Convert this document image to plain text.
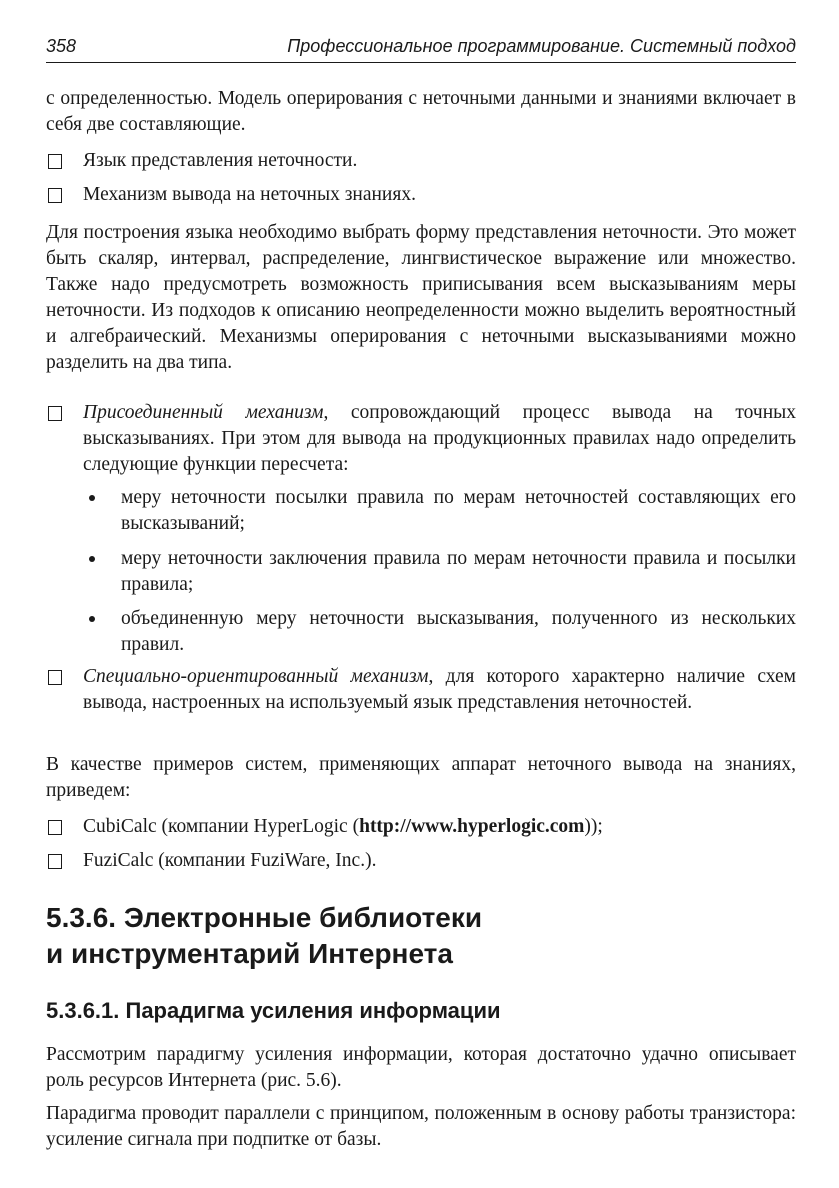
358	Профессиональное программирование. Системный подход
с определенностью. Модель оперирования с неточными данными и знаниями включает в себя две составляющие.
Язык представления неточности.
Механизм вывода на неточных знаниях.
Для построения языка необходимо выбрать форму представления неточности. Это может быть скаляр, интервал, распределение, лингвистическое выражение или множество. Также надо предусмотреть возможность приписывания всем высказываниям меры неточности. Из подходов к описанию неопределенности можно выделить вероятностный и алгебраический. Механизмы оперирования с неточными высказываниями можно разделить на два типа.
Присоединенный механизм, сопровождающий процесс вывода на точных высказываниях. При этом для вывода на продукционных правилах надо определить следующие функции пересчета:
меру неточности посылки правила по мерам неточностей составляющих его высказываний;
меру неточности заключения правила по мерам неточности правила и посылки правила;
объединенную меру неточности высказывания, полученного из нескольких правил.
Специально-ориентированный механизм, для которого характерно наличие схем вывода, настроенных на используемый язык представления неточностей.
В качестве примеров систем, применяющих аппарат неточного вывода на знаниях, приведем:
CubiCalc (компании HyperLogic (http://www.hyperlogic.com));
FuziCalc (компании FuziWare, Inc.).
5.3.6. Электронные библиотеки
и инструментарий Интернета
5.3.6.1. Парадигма усиления информации
Рассмотрим парадигму усиления информации, которая достаточно удачно описывает роль ресурсов Интернета (рис. 5.6).
Парадигма проводит параллели с принципом, положенным в основу работы транзистора: усиление сигнала при подпитке от базы.
